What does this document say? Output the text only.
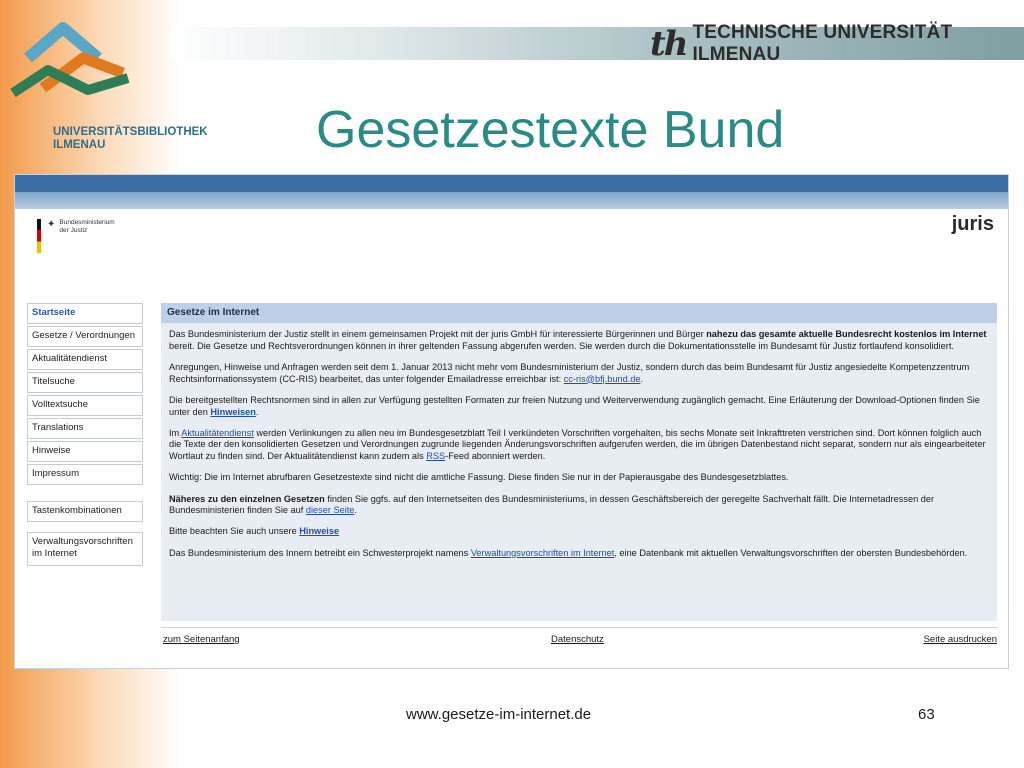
th TECHNISCHE UNIVERSITÄT ILMENAU
UNIVERSITÄTSBIBLIOTHEK
ILMENAU	Gesetzestexte Bund
✦ Bundesministerium
der Justiz	juris
Startseite
Gesetze / Verordnungen
Aktualitätendienst
Titelsuche
Volltextsuche
Translations
Hinweise
Impressum
Tastenkombinationen
Verwaltungsvorschriften im Internet
Gesetze im Internet

Das Bundesministerium der Justiz stellt in einem gemeinsamen Projekt mit der juris GmbH für interessierte Bürgerinnen und Bürger nahezu das gesamte aktuelle Bundesrecht kostenlos im Internet bereit. Die Gesetze und Rechtsverordnungen können in ihrer geltenden Fassung abgerufen werden. Sie werden durch die Dokumentationsstelle im Bundesamt für Justiz fortlaufend konsolidiert.

Anregungen, Hinweise und Anfragen werden seit dem 1. Januar 2013 nicht mehr vom Bundesministerium der Justiz, sondern durch das beim Bundesamt für Justiz angesiedelte Kompetenzzentrum Rechtsinformationssystem (CC-RIS) bearbeitet, das unter folgender Emailadresse erreichbar ist: cc-ris@bfj.bund.de.

Die bereitgestellten Rechtsnormen sind in allen zur Verfügung gestellten Formaten zur freien Nutzung und Weiterverwendung zugänglich gemacht. Eine Erläuterung der Download-Optionen finden Sie unter den Hinweisen.

Im Aktualitätendienst werden Verlinkungen zu allen neu im Bundesgesetzblatt Teil I verkündeten Vorschriften vorgehalten, bis sechs Monate seit Inkrafttreten verstrichen sind. Dort können folglich auch die Texte der den konsolidierten Gesetzen und Verordnungen zugrunde liegenden Änderungsvorschriften aufgerufen werden, die im übrigen Datenbestand nicht separat, sondern nur als eingearbeiteter Wortlaut zu finden sind. Der Aktualitätendienst kann zudem als RSS-Feed abonniert werden.

Wichtig: Die im Internet abrufbaren Gesetzestexte sind nicht die amtliche Fassung. Diese finden Sie nur in der Papierausgabe des Bundesgesetzblattes.

Näheres zu den einzelnen Gesetzen finden Sie ggfs. auf den Internetseiten des Bundesministeriums, in dessen Geschäftsbereich der geregelte Sachverhalt fällt. Die Internetadressen der Bundesministerien finden Sie auf dieser Seite.

Bitte beachten Sie auch unsere Hinweise

Das Bundesministerium des Innern betreibt ein Schwesterprojekt namens Verwaltungsvorschriften im Internet, eine Datenbank mit aktuellen Verwaltungsvorschriften der obersten Bundesbehörden.

zum Seitenanfang	Datenschutz	Seite ausdrucken
www.gesetze-im-internet.de	63
